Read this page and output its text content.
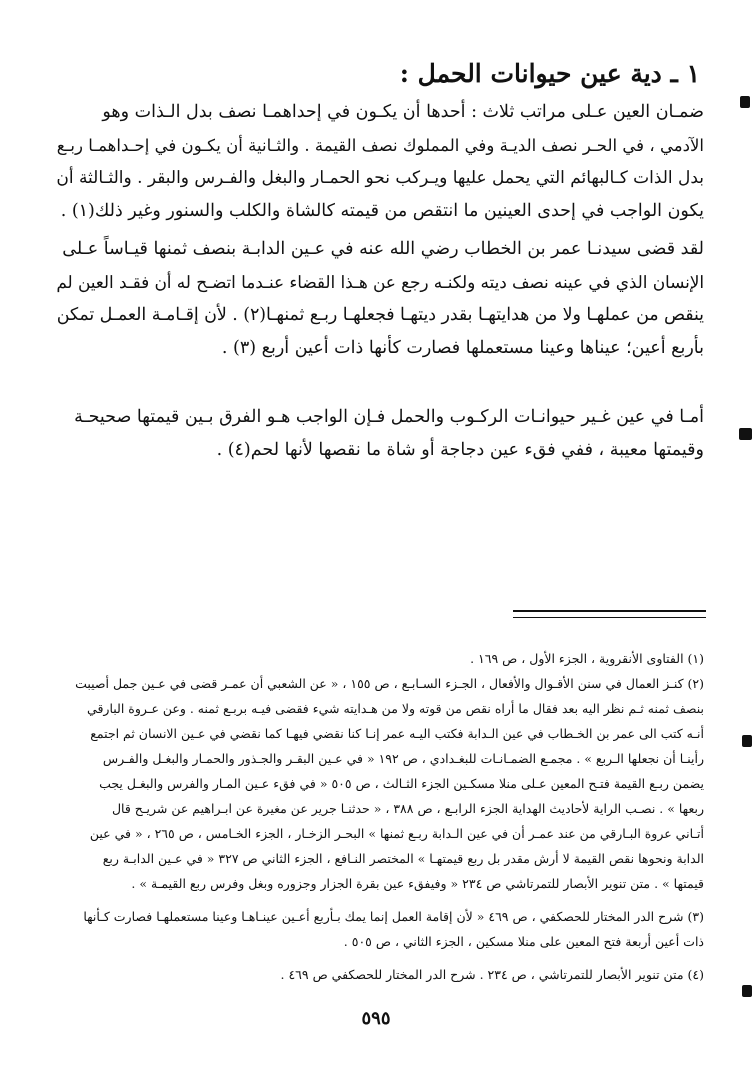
١ ـ دية عين حيوانات الحمل :

ضمـان العين عـلى مراتب ثلاث : أحدها أن يكـون في إحداهمـا نصف بدل الـذات وهو
الآدمي ، في الحـر نصف الديـة وفي المملوك نصف القيمة . والثـانية أن يكـون في إحـداهمـا ربـع
بدل الذات كـالبهائم التي يحمل عليها ويـركب نحو الحمـار والبغل والفـرس والبقر . والثـالثة أن
يكون الواجب في إحدى العينين ما انتقص من قيمته كالشاة والكلب والسنور وغير ذلك(١) .

لقد قضى سيدنـا عمر بن الخطاب رضي الله عنه في عـين الدابـة بنصف ثمنها قيـاساً عـلى
الإنسان الذي في عينه نصف ديته ولكنـه رجع عن هـذا القضاء عنـدما اتضـح له أن فقـد العين لم
ينقص من عملهـا ولا من هدايتهـا بقدر ديتهـا فجعلهـا ربـع ثمنهـا(٢) . لأن إقـامـة العمـل تمكن
بأربع أعين؛ عيناها وعينا مستعملها فصارت كأنها ذات أعين أربع (٣) .

أمـا في عين غـير حيوانـات الركـوب والحمل فـإن الواجب هـو الفرق بـين قيمتها صحيحـة
وقيمتها معيبة ، ففي فقء عين دجاجة أو شاة ما نقصها لأنها لحم(٤) .

(١) الفتاوى الأنقروية ، الجزء الأول ، ص ١٦٩ .

(٢) كنـز العمال في سنن الأقـوال والأفعال ، الجـزء السـابـع ، ص ١٥٥ ، « عن الشعبي أن عمـر قضى في عـين جمل أصيبت
بنصف ثمنه ثـم نظر اليه بعد فقال ما أراه نقص من قوته ولا من هـدايته شيء فقضى فيـه بربـع ثمنه . وعن عـروة البارقي
أنـه كتب الى عمر بن الخـطاب في عين الـدابة فكتب اليـه عمر إنـا كنا نقضي فيهـا كما نقضي في عـين الانسان ثم اجتمع
رأينـا أن نجعلها الـربع » . مجمـع الضمـانـات للبغـدادي ، ص ١٩٢ « في عـين البقـر والجـذور والحمـار والبغـل والفـرس
يضمن ربـع القيمة فتـح المعين عـلى منلا مسكـين الجزء الثـالث ، ص ٥٠٥ « في فقء عـين المـار والفرس والبغـل يجب
ربعها » . نصـب الراية لأحاديث الهداية الجزء الرابـع ، ص ٣٨٨ ، « حدثنـا جرير عن مغيرة عن ابـراهيم عن شريـح قال
أتـاني عروة البـارقي من عند عمـر أن في عين الـدابة ربـع ثمنها » البحـر الزخـار ، الجزء الخـامس ، ص ٢٦٥ ، « في عين
الدابة ونحوها نقص القيمة لا أرش مقدر بل ربع قيمتهـا » المختصر النـافع ، الجزء الثاني ص ٣٢٧ « في عـين الدابـة ربع
قيمتها » . متن تنوير الأبصار للتمرتاشي ص ٢٣٤ « وفيفقء عين بقرة الجزار وجزوره وبغل وفرس ربع القيمـة » .

(٣) شرح الدر المختار للحصكفي ، ص ٤٦٩ « لأن إقامة العمل إنما يمك بـأربع أعـين عينـاهـا وعينا مستعملهـا فصارت كـأنها
ذات أعين أربعة فتح المعين على منلا مسكين ، الجزء الثاني ، ص ٥٠٥ .

(٤) متن تنوير الأبصار للتمرتاشي ، ص ٢٣٤ . شرح الدر المختار للحصكفي ص ٤٦٩ .

٥٩٥
